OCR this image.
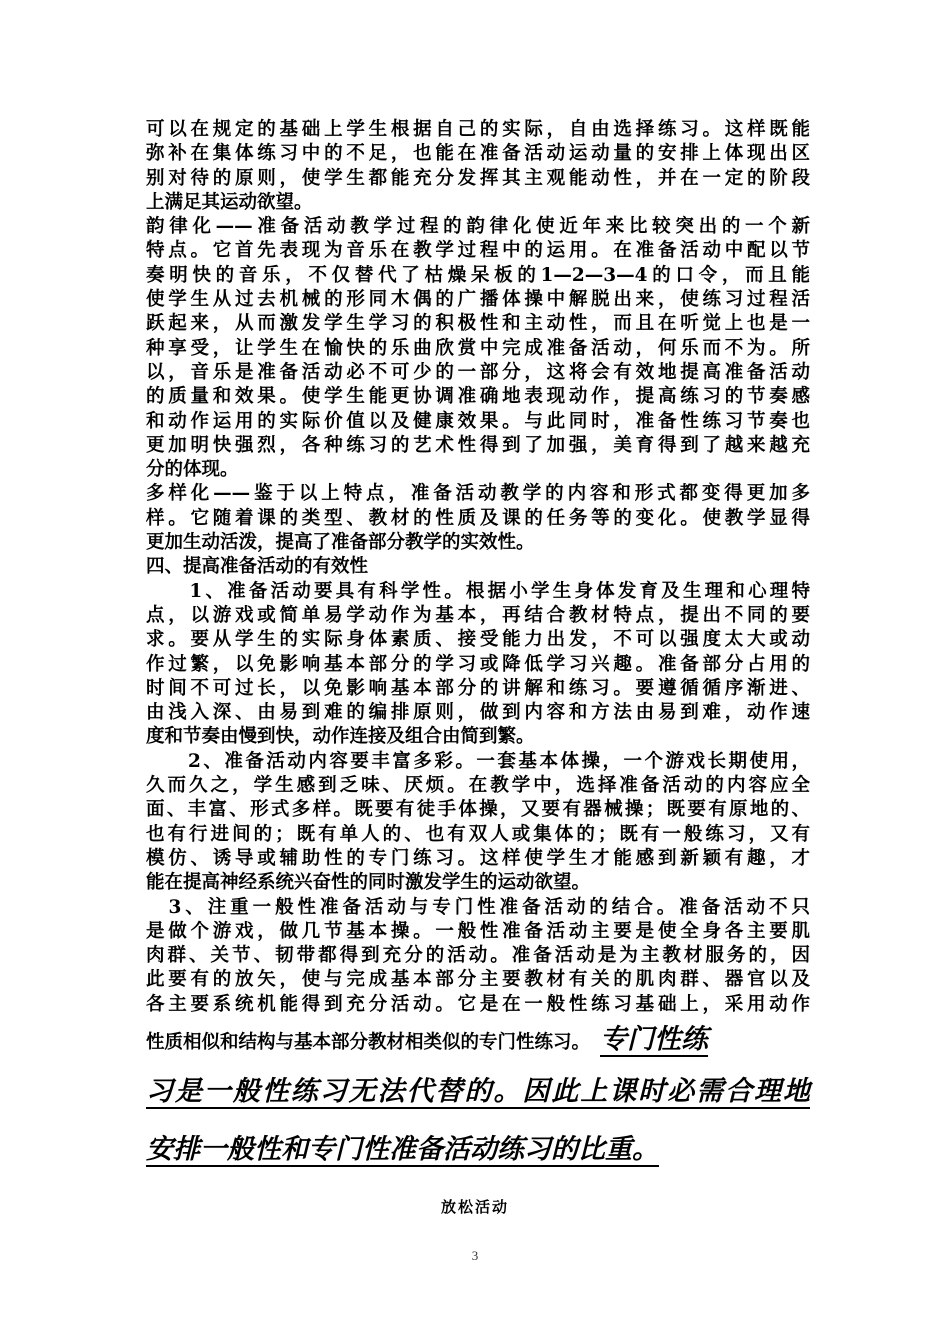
可以在规定的基础上学生根据自己的实际，自由选择练习。这样既能
弥补在集体练习中的不足，也能在准备活动运动量的安排上体现出区
别对待的原则，使学生都能充分发挥其主观能动性，并在一定的阶段
上满足其运动欲望。
韵律化——准备活动教学过程的韵律化使近年来比较突出的一个新
特点。它首先表现为音乐在教学过程中的运用。在准备活动中配以节
奏明快的音乐，不仅替代了枯燥呆板的1—2—3—4的口令，而且能
使学生从过去机械的形同木偶的广播体操中解脱出来，使练习过程活
跃起来，从而激发学生学习的积极性和主动性，而且在听觉上也是一
种享受，让学生在愉快的乐曲欣赏中完成准备活动，何乐而不为。所
以，音乐是准备活动必不可少的一部分，这将会有效地提高准备活动
的质量和效果。使学生能更协调准确地表现动作，提高练习的节奏感
和动作运用的实际价值以及健康效果。与此同时，准备性练习节奏也
更加明快强烈，各种练习的艺术性得到了加强，美育得到了越来越充
分的体现。
多样化——鉴于以上特点，准备活动教学的内容和形式都变得更加多
样。它随着课的类型、教材的性质及课的任务等的变化。使教学显得
更加生动活泼，提高了准备部分教学的实效性。
四、提高准备活动的有效性
　　1、准备活动要具有科学性。根据小学生身体发育及生理和心理特
点，以游戏或简单易学动作为基本，再结合教材特点，提出不同的要
求。要从学生的实际身体素质、接受能力出发，不可以强度太大或动
作过繁，以免影响基本部分的学习或降低学习兴趣。准备部分占用的
时间不可过长，以免影响基本部分的讲解和练习。要遵循循序渐进、
由浅入深、由易到难的编排原则，做到内容和方法由易到难，动作速
度和节奏由慢到快，动作连接及组合由简到繁。
　　2、准备活动内容要丰富多彩。一套基本体操，一个游戏长期使用，
久而久之，学生感到乏味、厌烦。在教学中，选择准备活动的内容应全
面、丰富、形式多样。既要有徒手体操，又要有器械操；既要有原地的、
也有行进间的；既有单人的、也有双人或集体的；既有一般练习，又有
模仿、诱导或辅助性的专门练习。这样使学生才能感到新颖有趣，才
能在提高神经系统兴奋性的同时激发学生的运动欲望。
　3、注重一般性准备活动与专门性准备活动的结合。准备活动不只
是做个游戏，做几节基本操。一般性准备活动主要是使全身各主要肌
肉群、关节、韧带都得到充分的活动。准备活动是为主教材服务的，因
此要有的放矢，使与完成基本部分主要教材有关的肌肉群、器官以及
各主要系统机能得到充分活动。它是在一般性练习基础上，采用动作
性质相似和结构与基本部分教材相类似的专门性练习。 专门性练
习是一般性练习无法代替的。因此上课时必需合理地
安排一般性和专门性准备活动练习的比重。
放松活动
3
